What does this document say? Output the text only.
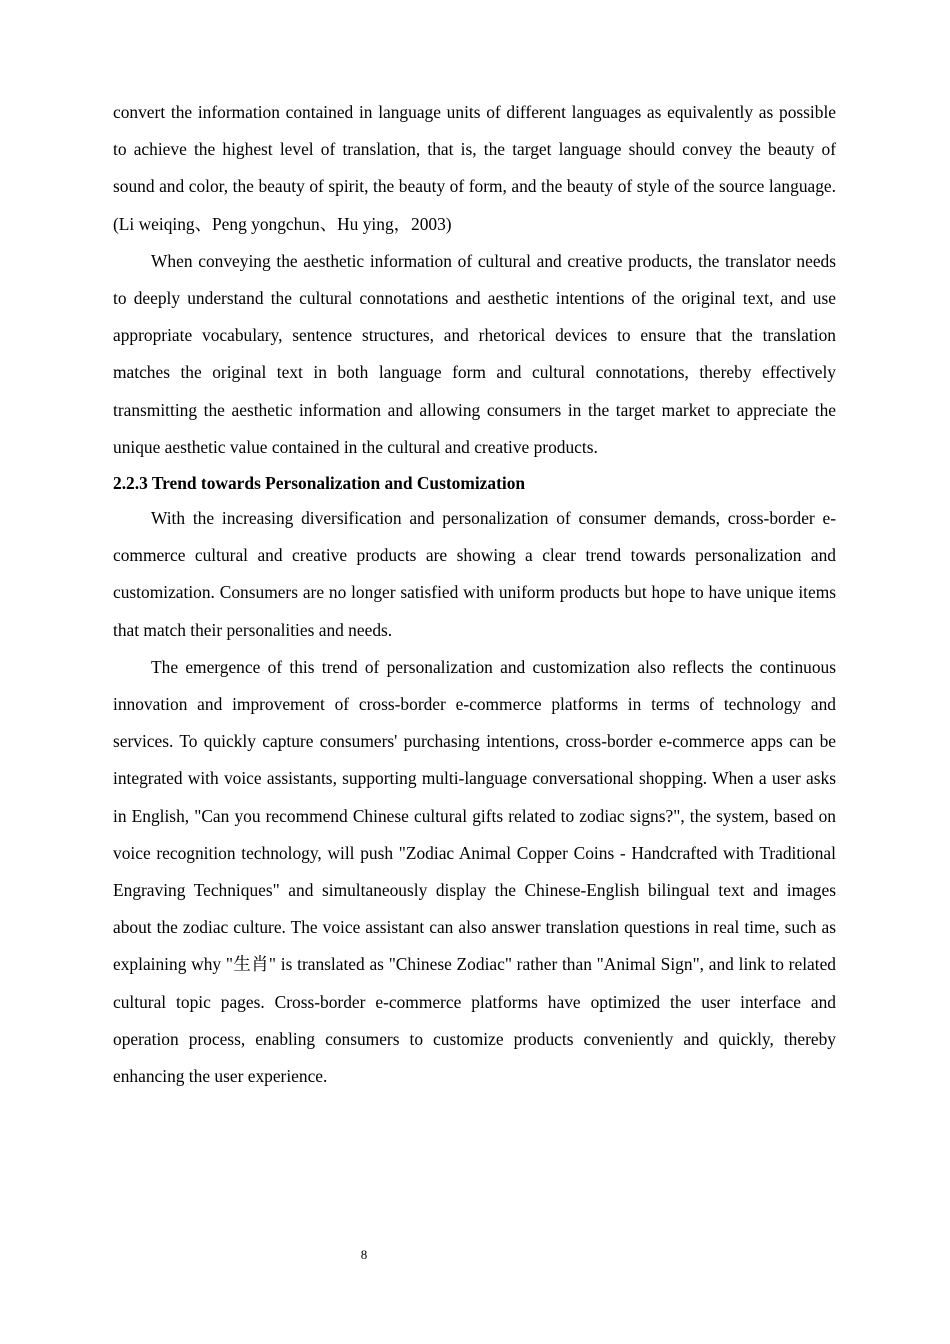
convert the information contained in language units of different languages as equivalently as possible to achieve the highest level of translation, that is, the target language should convey the beauty of sound and color, the beauty of spirit, the beauty of form, and the beauty of style of the source language. (Li weiqing、Peng yongchun、Hu ying，2003)

When conveying the aesthetic information of cultural and creative products, the translator needs to deeply understand the cultural connotations and aesthetic intentions of the original text, and use appropriate vocabulary, sentence structures, and rhetorical devices to ensure that the translation matches the original text in both language form and cultural connotations, thereby effectively transmitting the aesthetic information and allowing consumers in the target market to appreciate the unique aesthetic value contained in the cultural and creative products.

2.2.3 Trend towards Personalization and Customization

With the increasing diversification and personalization of consumer demands, cross-border e-commerce cultural and creative products are showing a clear trend towards personalization and customization. Consumers are no longer satisfied with uniform products but hope to have unique items that match their personalities and needs.

The emergence of this trend of personalization and customization also reflects the continuous innovation and improvement of cross-border e-commerce platforms in terms of technology and services. To quickly capture consumers' purchasing intentions, cross-border e-commerce apps can be integrated with voice assistants, supporting multi-language conversational shopping. When a user asks in English, "Can you recommend Chinese cultural gifts related to zodiac signs?", the system, based on voice recognition technology, will push "Zodiac Animal Copper Coins - Handcrafted with Traditional Engraving Techniques" and simultaneously display the Chinese-English bilingual text and images about the zodiac culture. The voice assistant can also answer translation questions in real time, such as explaining why "生肖" is translated as "Chinese Zodiac" rather than "Animal Sign", and link to related cultural topic pages. Cross-border e-commerce platforms have optimized the user interface and operation process, enabling consumers to customize products conveniently and quickly, thereby enhancing the user experience.

8
